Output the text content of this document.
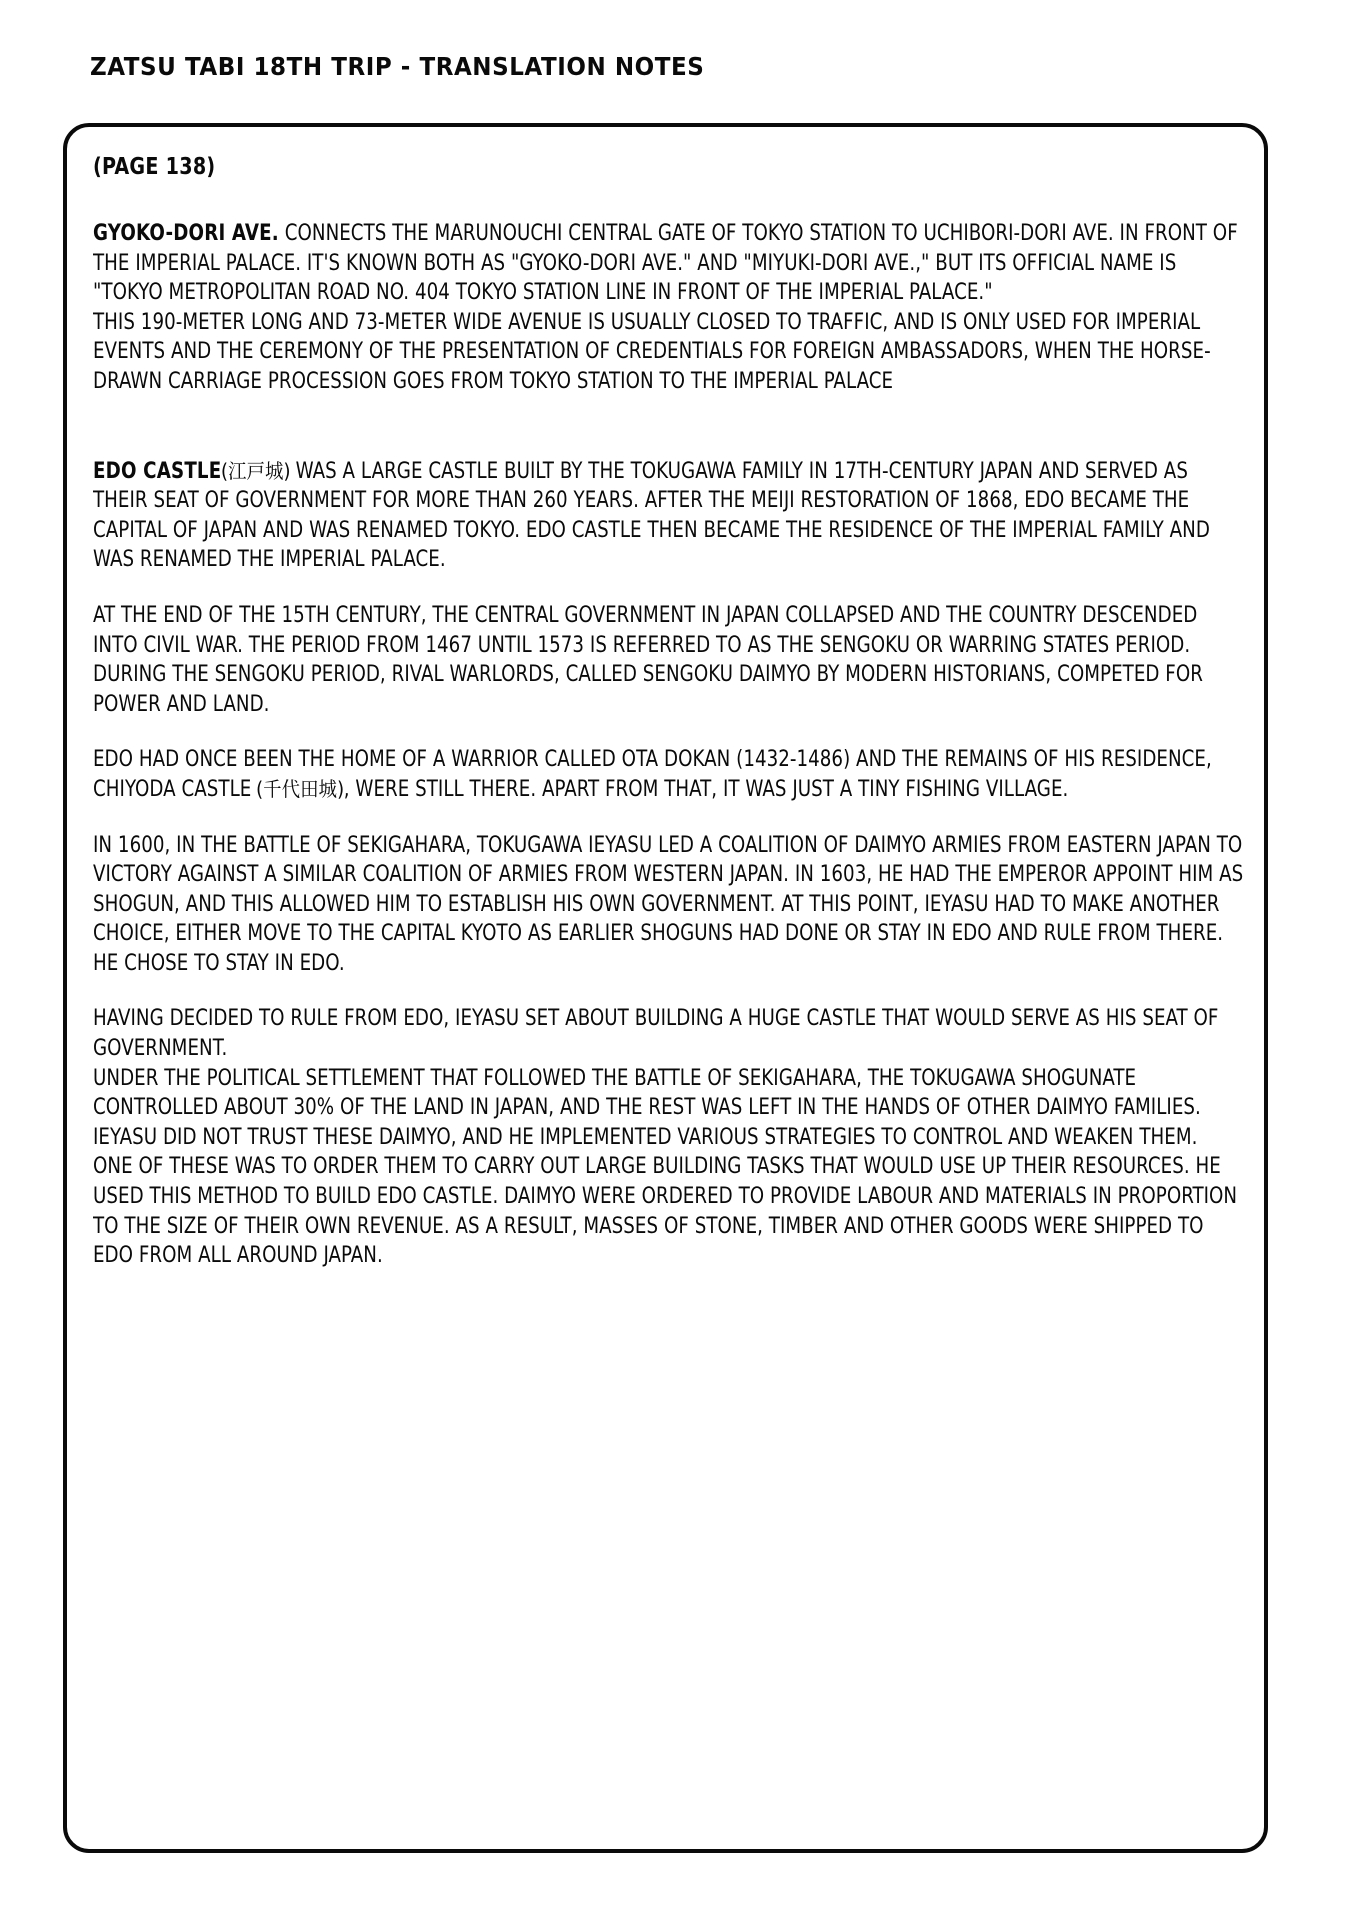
ZATSU TABI 18TH TRIP - TRANSLATION NOTES

(PAGE 138)

GYOKO-DORI AVE. CONNECTS THE MARUNOUCHI CENTRAL GATE OF TOKYO STATION TO UCHIBORI-DORI AVE. IN FRONT OF THE IMPERIAL PALACE. IT'S KNOWN BOTH AS "GYOKO-DORI AVE." AND "MIYUKI-DORI AVE.," BUT ITS OFFICIAL NAME IS "TOKYO METROPOLITAN ROAD NO. 404 TOKYO STATION LINE IN FRONT OF THE IMPERIAL PALACE."

THIS 190-METER LONG AND 73-METER WIDE AVENUE IS USUALLY CLOSED TO TRAFFIC, AND IS ONLY USED FOR IMPERIAL EVENTS AND THE CEREMONY OF THE PRESENTATION OF CREDENTIALS FOR FOREIGN AMBASSADORS, WHEN THE HORSE-DRAWN CARRIAGE PROCESSION GOES FROM TOKYO STATION TO THE IMPERIAL PALACE

EDO CASTLE(江戸城) WAS A LARGE CASTLE BUILT BY THE TOKUGAWA FAMILY IN 17TH-CENTURY JAPAN AND SERVED AS THEIR SEAT OF GOVERNMENT FOR MORE THAN 260 YEARS. AFTER THE MEIJI RESTORATION OF 1868, EDO BECAME THE CAPITAL OF JAPAN AND WAS RENAMED TOKYO. EDO CASTLE THEN BECAME THE RESIDENCE OF THE IMPERIAL FAMILY AND WAS RENAMED THE IMPERIAL PALACE.

AT THE END OF THE 15TH CENTURY, THE CENTRAL GOVERNMENT IN JAPAN COLLAPSED AND THE COUNTRY DESCENDED INTO CIVIL WAR. THE PERIOD FROM 1467 UNTIL 1573 IS REFERRED TO AS THE SENGOKU OR WARRING STATES PERIOD. DURING THE SENGOKU PERIOD, RIVAL WARLORDS, CALLED SENGOKU DAIMYO BY MODERN HISTORIANS, COMPETED FOR POWER AND LAND.

EDO HAD ONCE BEEN THE HOME OF A WARRIOR CALLED OTA DOKAN (1432-1486) AND THE REMAINS OF HIS RESIDENCE, CHIYODA CASTLE (千代田城), WERE STILL THERE. APART FROM THAT, IT WAS JUST A TINY FISHING VILLAGE.

IN 1600, IN THE BATTLE OF SEKIGAHARA, TOKUGAWA IEYASU LED A COALITION OF DAIMYO ARMIES FROM EASTERN JAPAN TO VICTORY AGAINST A SIMILAR COALITION OF ARMIES FROM WESTERN JAPAN. IN 1603, HE HAD THE EMPEROR APPOINT HIM AS SHOGUN, AND THIS ALLOWED HIM TO ESTABLISH HIS OWN GOVERNMENT. AT THIS POINT, IEYASU HAD TO MAKE ANOTHER CHOICE, EITHER MOVE TO THE CAPITAL KYOTO AS EARLIER SHOGUNS HAD DONE OR STAY IN EDO AND RULE FROM THERE. HE CHOSE TO STAY IN EDO.

HAVING DECIDED TO RULE FROM EDO, IEYASU SET ABOUT BUILDING A HUGE CASTLE THAT WOULD SERVE AS HIS SEAT OF GOVERNMENT.

UNDER THE POLITICAL SETTLEMENT THAT FOLLOWED THE BATTLE OF SEKIGAHARA, THE TOKUGAWA SHOGUNATE CONTROLLED ABOUT 30% OF THE LAND IN JAPAN, AND THE REST WAS LEFT IN THE HANDS OF OTHER DAIMYO FAMILIES. IEYASU DID NOT TRUST THESE DAIMYO, AND HE IMPLEMENTED VARIOUS STRATEGIES TO CONTROL AND WEAKEN THEM.

ONE OF THESE WAS TO ORDER THEM TO CARRY OUT LARGE BUILDING TASKS THAT WOULD USE UP THEIR RESOURCES. HE USED THIS METHOD TO BUILD EDO CASTLE. DAIMYO WERE ORDERED TO PROVIDE LABOUR AND MATERIALS IN PROPORTION TO THE SIZE OF THEIR OWN REVENUE. AS A RESULT, MASSES OF STONE, TIMBER AND OTHER GOODS WERE SHIPPED TO EDO FROM ALL AROUND JAPAN.
